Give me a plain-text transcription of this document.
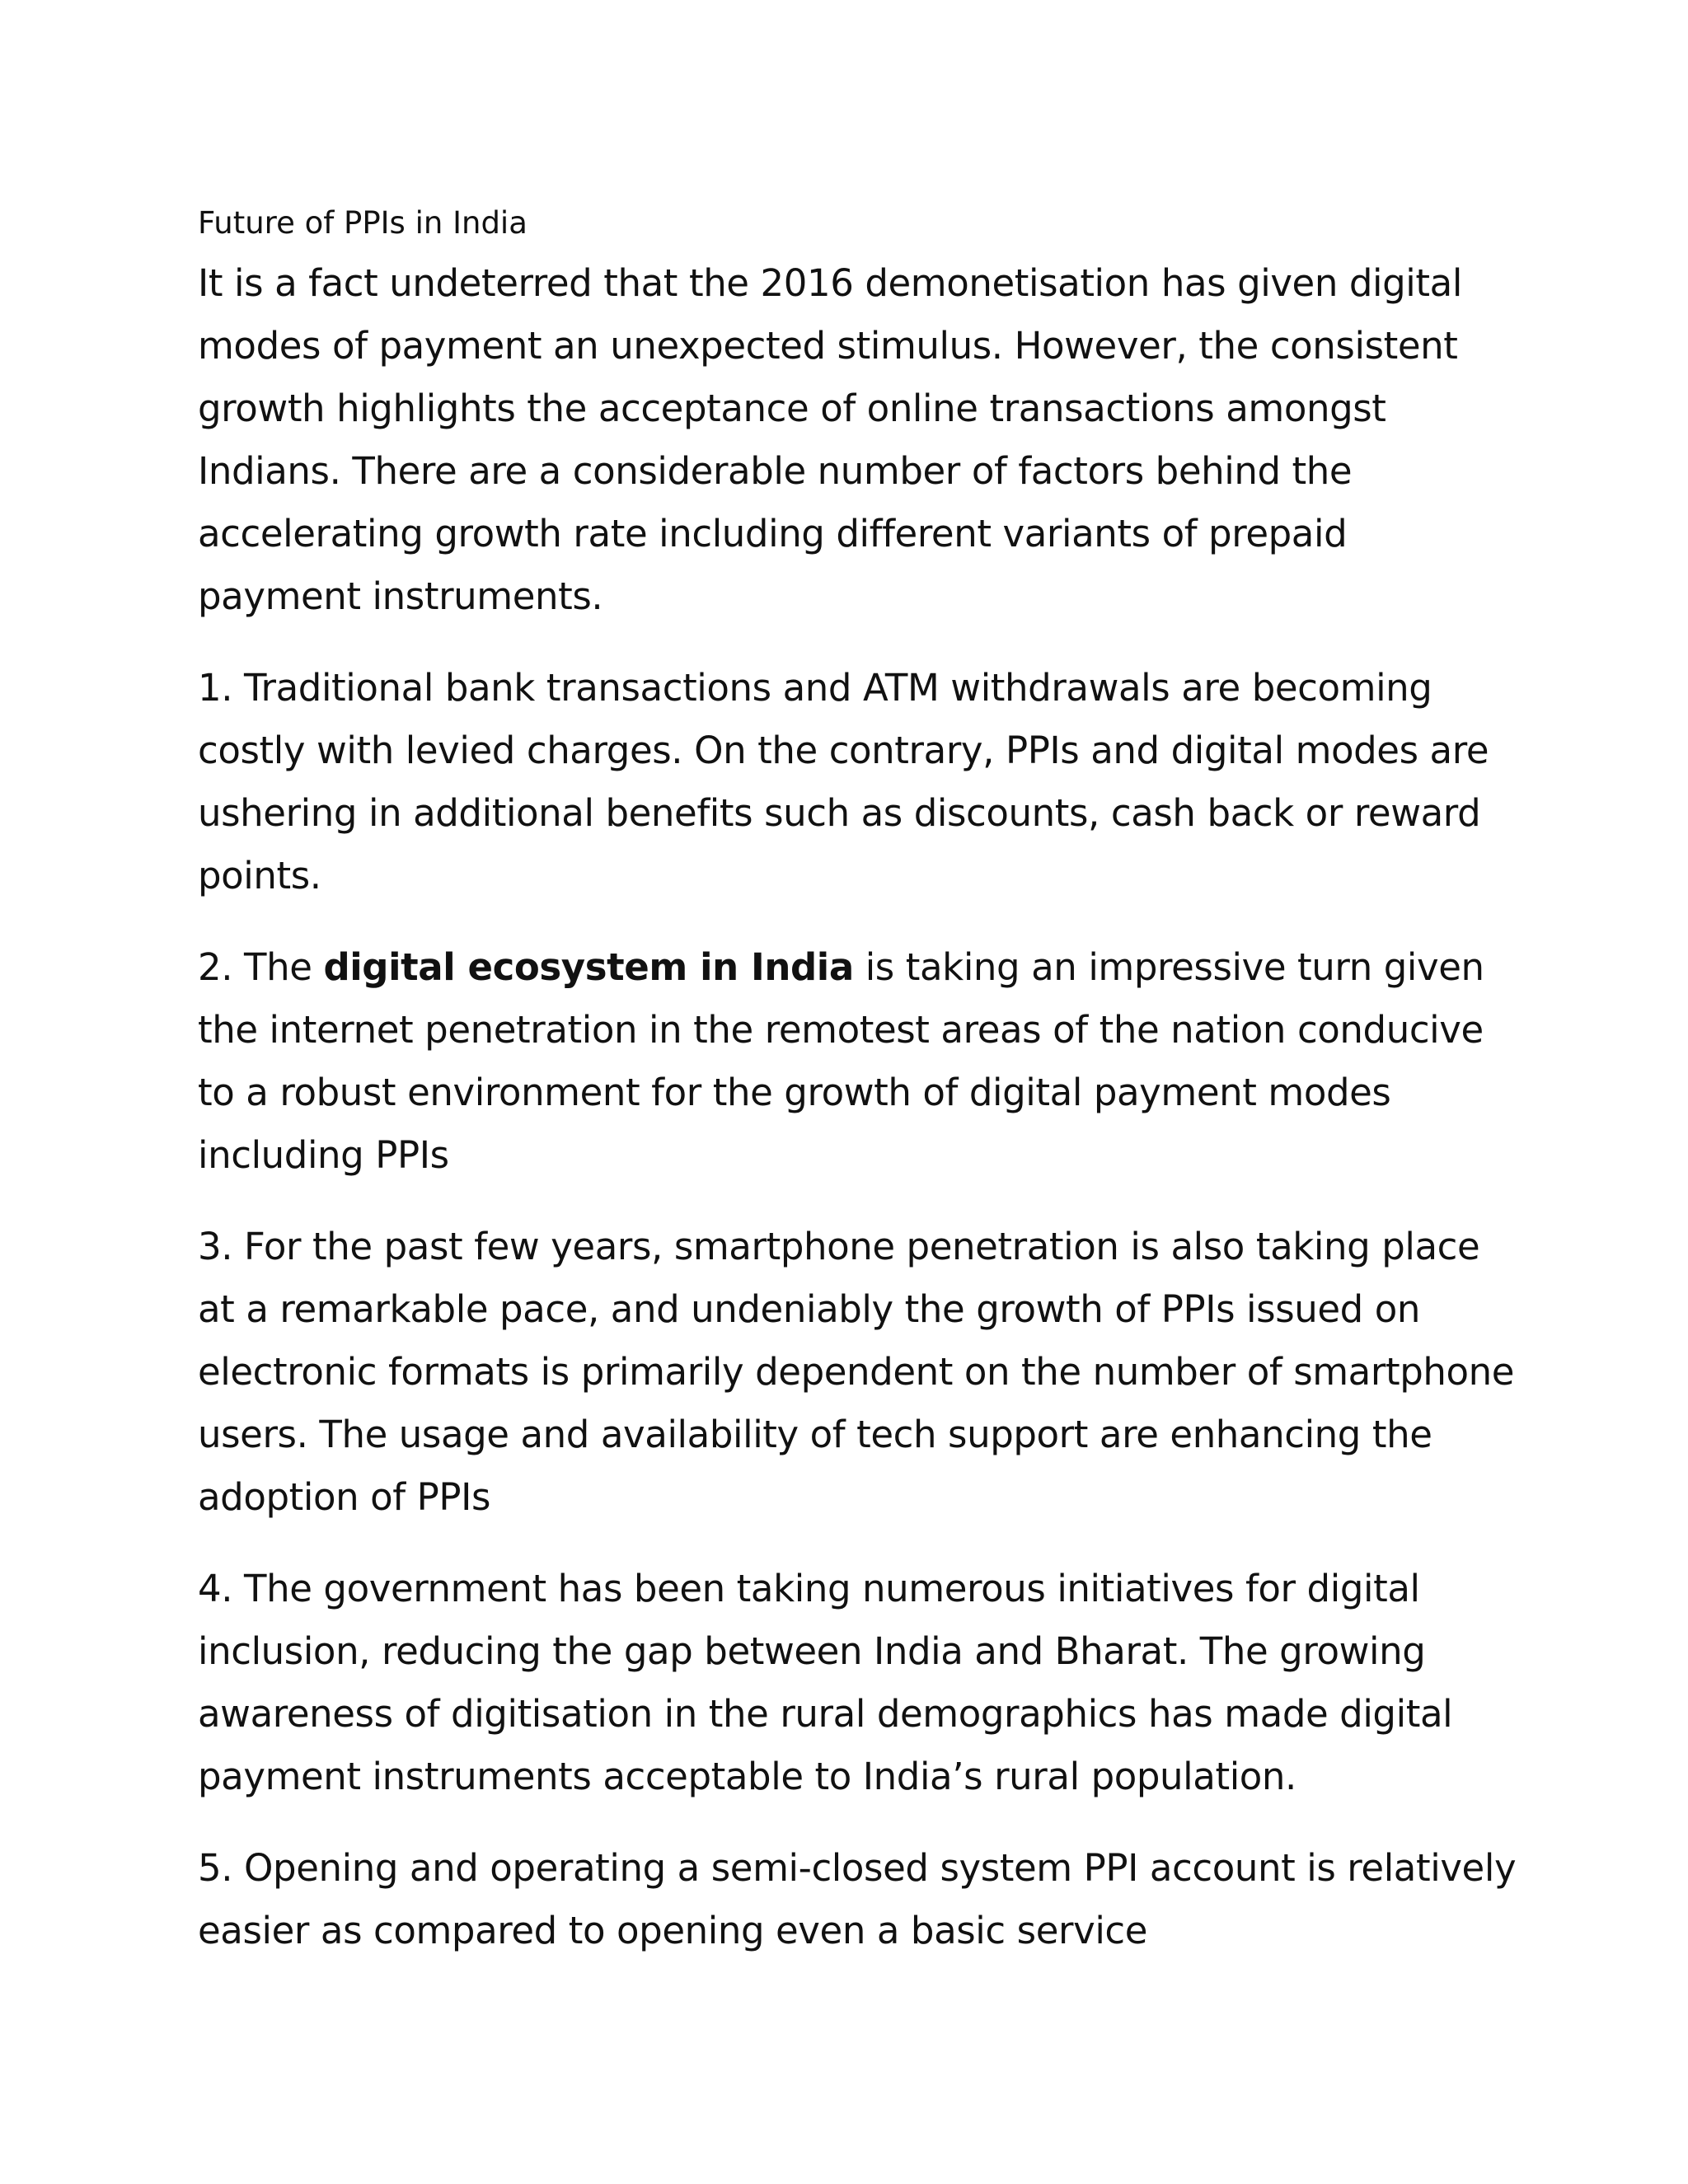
Future of PPIs in India

It is a fact undeterred that the 2016 demonetisation has given digital modes of payment an unexpected stimulus. However, the consistent growth highlights the acceptance of online transactions amongst Indians. There are a considerable number of factors behind the accelerating growth rate including different variants of prepaid payment instruments.

1. Traditional bank transactions and ATM withdrawals are becoming costly with levied charges. On the contrary, PPIs and digital modes are ushering in additional benefits such as discounts, cash back or reward points.

2. The digital ecosystem in India is taking an impressive turn given the internet penetration in the remotest areas of the nation conducive to a robust environment for the growth of digital payment modes including PPIs

3. For the past few years, smartphone penetration is also taking place at a remarkable pace, and undeniably the growth of PPIs issued on electronic formats is primarily dependent on the number of smartphone users. The usage and availability of tech support are enhancing the adoption of PPIs

4. The government has been taking numerous initiatives for digital inclusion, reducing the gap between India and Bharat. The growing awareness of digitisation in the rural demographics has made digital payment instruments acceptable to India’s rural population.

5. Opening and operating a semi-closed system PPI account is relatively easier as compared to opening even a basic service
